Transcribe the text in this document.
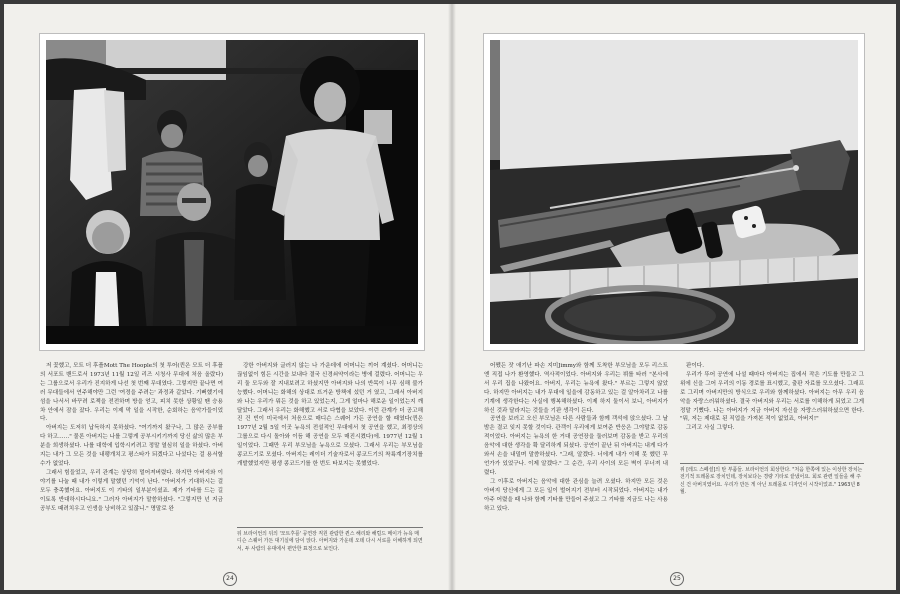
저 꽃했고, 모트 더 후플Mott The Hoople의 첫 투어(퀸은 모트 더 후플의 서포트 밴드로서 1973년 11월 12일 리즈 시청사 무대에 처음 올랐다)는 그룹으로서 우리가 진지하게 나선 첫 번째 무대였다. 그렇지만 끝나면 여러 무대들에서 연주해야만 그런 '여정을 주려는' 과정과 같았다. 기뻐했기에 섬을 나서서 바꾸려 로젝을 전전하며 방을 얻고, 피치 못한 상황일 땐 승용차 안에서 잠을 잤다. 우리는 이제 막 일을 시작한, 순회하는 음악가들이었다.

아버지는 도저히 납득하지 못하셨다. "여기까지 왔구나, 그 많은 공부를 다 하고……" 물론 아버지는 나를 그렇게 공부시키기까지 당신 삶의 많은 부분을 희생하셨다. 나를 대학에 입학시키려고 정말 열심히 일을 하셨다. 아버지는 내가 그 모든 것을 내팽개치고 평스타가 되겠다고 나섰다는 걸 용서할 수가 없었다.

그래서 힘들었고, 우리 관계는 상당히 멀어져버렸다. 하지만 아버지와 이야기를 나눌 때 내가 이렇게 말했던 기억이 난다. "아버지가 기대하시는 걸 모두 충족했어요. 아버지도 이 기타의 일부분이셨죠. 제가 기타를 드는 길 이토록 반대하시다니요." 그러자 아버지가 말씀하셨다. "그렇지만 넌 지금 공부도 때려치우고 인생을 낭비하고 있잖니." 명말로 완

강한 아버지와 글러지 않는 나 가운데에 어머니는 끼어 계셨다. 어머니는 끊임없이 힘든 시간을 보내다 결국 신경쇠약이라는 병에 걸렸다. 어머니는 우리 둘 모두와 잘 지내보려고 하셨지만 아버지와 나의 반목이 너무 심해 불가능했다. 어머니는 화해의 상대로 뜨거운 방책에 섰던 거 였고, 그래서 아버지와 나는 우리가 뭐든 것을 하고 있었는지, 그게 얼마나 해로운 일이었는지 깨달았다. 그래서 우리는 화해했고 서로 다협을 보았다. 이런 관계가 더 공고해진 건 빈이 미국에서 처음으로 매디슨 스퀘어 가든 공연을 할 때였다(퀸은 1977년 2월 5일 이곳 뉴욕의 전설적인 무대에서 첫 공연을 했고, 최정상의 그룹으로 다시 돌아와 이듬 해 공연을 모두 매진시켰다)에. 1977년 12월 1일이었다. 그때만 우리 부모님을 뉴욕으로 모셨다. 그래서 우리는 부모님을 콩코드기로 모셨다. 아버지는 레이더 기술자로서 콩코드기의 착륙계기장치를 개발했었지만 평생 콩코드기를 한 번도 타보지는 못했었다.

뒤 브라이언의 뒤의 '모트후플' 공연장 직원 관람한 퀸스 해리와 해럴드 메이가 뉴욕 매디슨 스퀘어 가든 대기실에 담이 앉다. 아버지와 가운데 오데 다시 서로를 이해하게 되면서, 두 사람의 유대에서 편안한 표정으로 보인다.
24

어쨌든 잣 애기난 파손 지미Jimmy와 함께 도착한 부모님을 모두 리스트엔 직접 나가 환영했다. 역사적이었다. 아버지와 우리는 뷔를 타러 "본사에서 우리 집을 나왔어요. 아버지, 우리는 뉴욕에 왔다." 부르는 그렇지 않았다. 하지만 아버지는 내가 무대에 일을에 감동하고 있는 걸 알아차리고 나를 기계에 생각한다는 사실에 행복해하셨다. 이제 하지 둘이서 보니, 아버지가 하신 것과 달라지는 것들을 기판 생각이 든다.

공연을 보러고 오신 부모님은 다른 사람들과 함께 객석에 앉으셨다. 그 날 밤은 결코 잊지 못할 것이다. 관객이 우리에게 보여준 반응은 그야말로 감동적이었다. 아버지는 뉴욕의 한 거대 공연장을 둘러보며 감동을 받고 우리의 음악에 대한 생각을 확 달리하게 되셨다. 공연이 끝난 뒤 아버지는 내게 다가와서 손을 내밀며 말씀하셨다. "그래, 알겠다. 너에게 내가 이해 못 했던 무언가가 있었구나. 이제 알겠다." 그 순간, 우리 사이의 모든 벽이 무너져 내렸다.

그 이후로 아버지는 음악에 대한 관심을 늘려 오셨다. 하지만 모든 것은 아버지 당신에게 그 모든 일이 벌어지기 전부터 시작되었다. 아버지는 내가 아주 어렸을 때 나와 함께 기타를 만들어 주셨고 그 기타를 지금도 나는 사용하고 있다.

판이다.

우리가 뚜어 공연에 나설 때마다 아버지는 집에서 작은 기도를 만들고 그 위에 신을 그어 우리의 이동 경로를 표시했고, 출판 자료를 모으셨다. 그래프로 그리며 아버지만의 방식으로 우리와 함께하셨다. 아버지는 아무 우리 음악을 자랑스러워하셨다. 결국 아버지와 우리는 서로를 이해하게 되었고 그게 정말 기뻤다. 나는 아버지가 지금 아버지 자신을 자랑스러워하셨으면 한다. "뭐, 저는 제대로 된 직업을 가져본 적이 없었죠, 아버지!"

그리고 사실 그렇다.

위 [레드 스페셜]의 탄 부품들. 브라이언의 회상한다. "처음 한쪽에 있는 이상한 장치는 전기적 트레몰로 장치인데, 장치보다는 경량 기타로 끝냈어요. 회로 관련 일들을 해 주신 건 아버지였어요. 우리가 만든 게 아닌 트레몰로 디자인이 시작이었죠." 1963년 8월.
25
